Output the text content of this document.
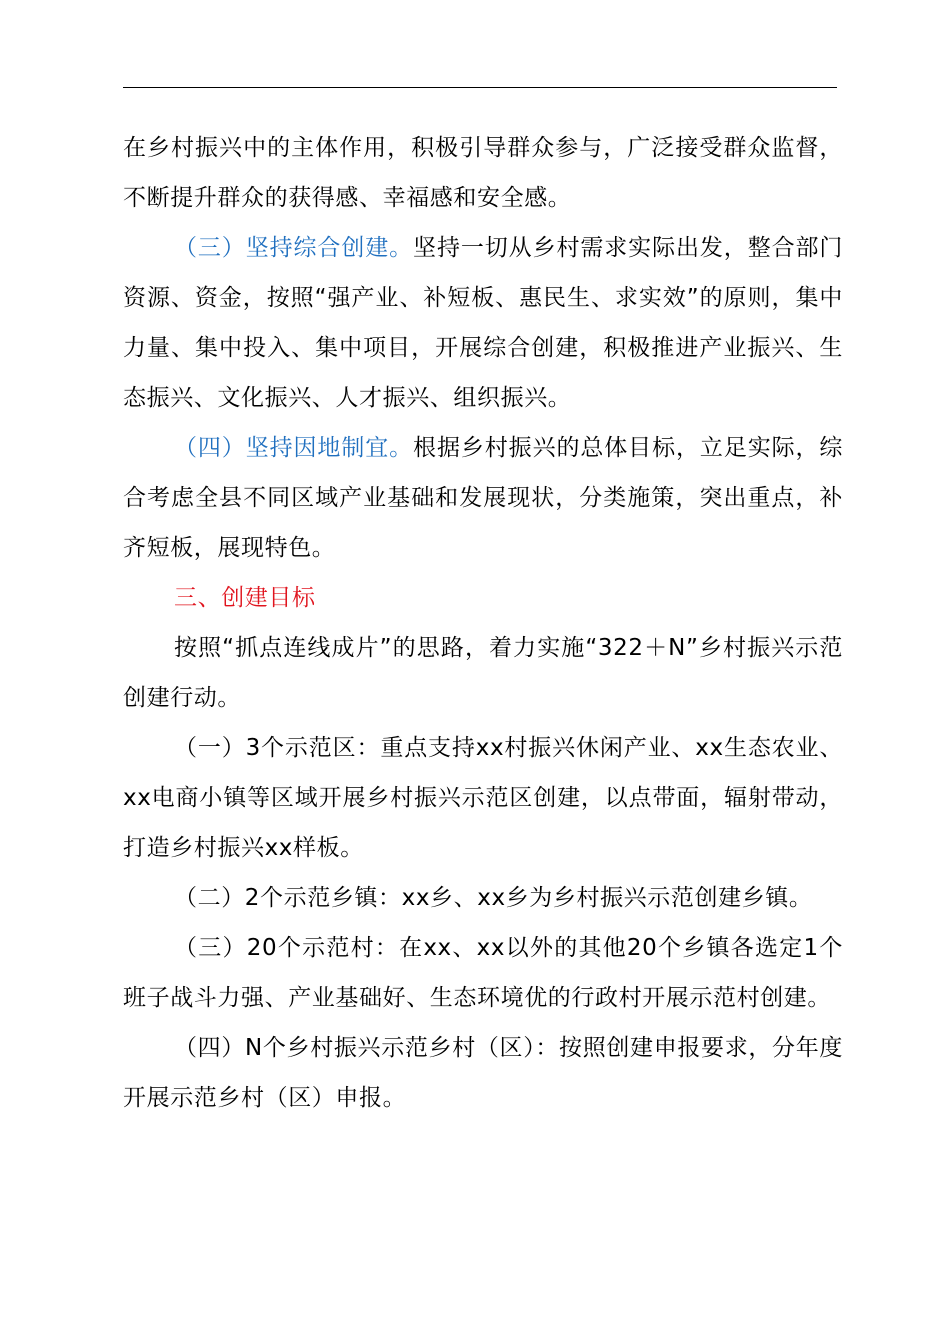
在乡村振兴中的主体作用，积极引导群众参与，广泛接受群众监督，不断提升群众的获得感、幸福感和安全感。

（三）坚持综合创建。坚持一切从乡村需求实际出发，整合部门资源、资金，按照“强产业、补短板、惠民生、求实效”的原则，集中力量、集中投入、集中项目，开展综合创建，积极推进产业振兴、生态振兴、文化振兴、人才振兴、组织振兴。

（四）坚持因地制宜。根据乡村振兴的总体目标，立足实际，综合考虑全县不同区域产业基础和发展现状，分类施策，突出重点，补齐短板，展现特色。

三、创建目标

按照“抓点连线成片”的思路，着力实施“322＋N”乡村振兴示范创建行动。

（一）3个示范区：重点支持xx村振兴休闲产业、xx生态农业、xx电商小镇等区域开展乡村振兴示范区创建，以点带面，辐射带动，打造乡村振兴xx样板。

（二）2个示范乡镇：xx乡、xx乡为乡村振兴示范创建乡镇。

（三）20个示范村：在xx、xx以外的其他20个乡镇各选定1个班子战斗力强、产业基础好、生态环境优的行政村开展示范村创建。

（四）N个乡村振兴示范乡村（区）：按照创建申报要求，分年度开展示范乡村（区）申报。
